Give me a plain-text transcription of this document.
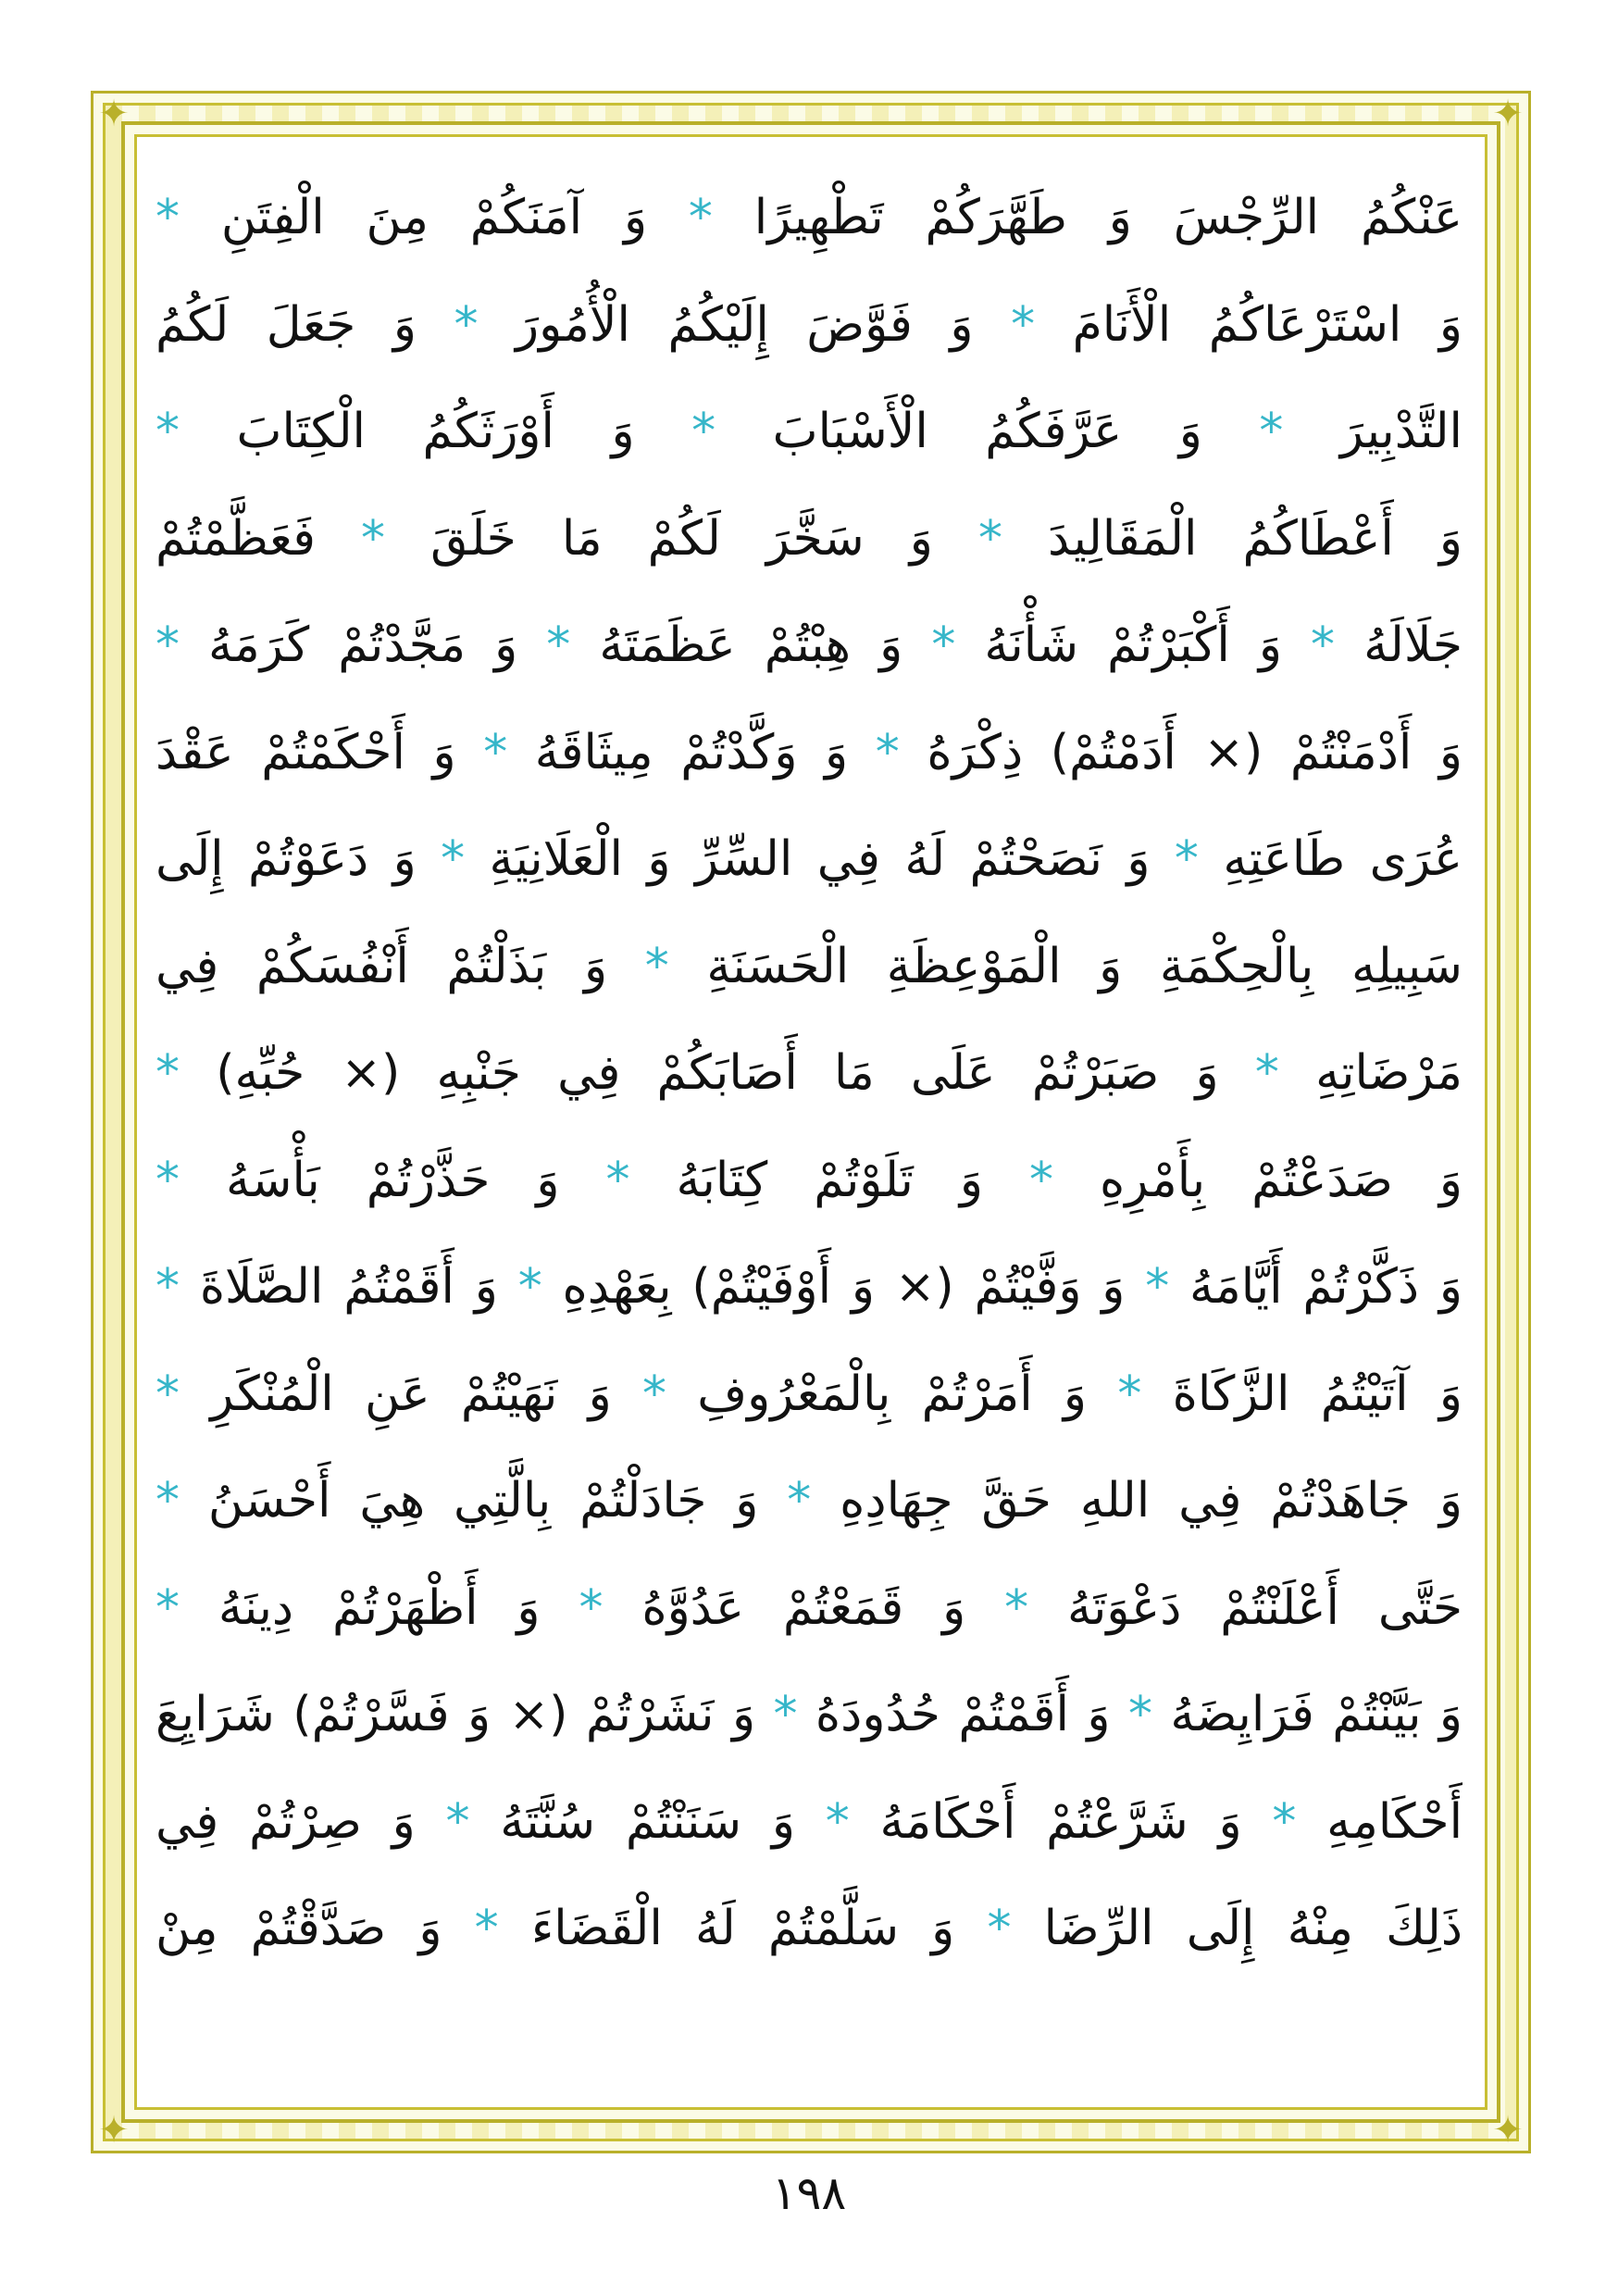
✦	✦
✦	✦
عَنْكُمُ الرِّجْسَ وَ طَهَّرَكُمْ تَطْهِيرًا * وَ آمَنَكُمْ مِنَ الْفِتَنِ *
وَ اسْتَرْعَاكُمُ الْأَنَامَ * وَ فَوَّضَ إِلَيْكُمُ الْأُمُورَ * وَ جَعَلَ لَكُمُ
التَّدْبِيرَ * وَ عَرَّفَكُمُ الْأَسْبَابَ * وَ أَوْرَثَكُمُ الْكِتَابَ *
وَ أَعْطَاكُمُ الْمَقَالِيدَ * وَ سَخَّرَ لَكُمْ مَا خَلَقَ * فَعَظَّمْتُمْ
جَلَالَهُ * وَ أَكْبَرْتُمْ شَأْنَهُ * وَ هِبْتُمْ عَظَمَتَهُ * وَ مَجَّدْتُمْ كَرَمَهُ *
وَ أَدْمَنْتُمْ (× أَدَمْتُمْ) ذِكْرَهُ * وَ وَكَّدْتُمْ مِيثَاقَهُ * وَ أَحْكَمْتُمْ عَقْدَ
عُرَى طَاعَتِهِ * وَ نَصَحْتُمْ لَهُ فِي السِّرِّ وَ الْعَلَانِيَةِ * وَ دَعَوْتُمْ إِلَى
سَبِيلِهِ بِالْحِكْمَةِ وَ الْمَوْعِظَةِ الْحَسَنَةِ * وَ بَذَلْتُمْ أَنْفُسَكُمْ فِي
مَرْضَاتِهِ * وَ صَبَرْتُمْ عَلَى مَا أَصَابَكُمْ فِي جَنْبِهِ (× حُبِّهِ) *
وَ صَدَعْتُمْ بِأَمْرِهِ * وَ تَلَوْتُمْ كِتَابَهُ * وَ حَذَّرْتُمْ بَأْسَهُ *
وَ ذَكَّرْتُمْ أَيَّامَهُ * وَ وَفَّيْتُمْ (× وَ أَوْفَيْتُمْ) بِعَهْدِهِ * وَ أَقَمْتُمُ الصَّلَاةَ *
وَ آتَيْتُمُ الزَّكَاةَ * وَ أَمَرْتُمْ بِالْمَعْرُوفِ * وَ نَهَيْتُمْ عَنِ الْمُنْكَرِ *
وَ جَاهَدْتُمْ فِي اللهِ حَقَّ جِهَادِهِ * وَ جَادَلْتُمْ بِالَّتِي هِيَ أَحْسَنُ *
حَتَّى أَعْلَنْتُمْ دَعْوَتَهُ * وَ قَمَعْتُمْ عَدُوَّهُ * وَ أَظْهَرْتُمْ دِينَهُ *
وَ بَيَّنْتُمْ فَرَايِضَهُ * وَ أَقَمْتُمْ حُدُودَهُ * وَ نَشَرْتُمْ (× وَ فَسَّرْتُمْ) شَرَايِعَ
أَحْكَامِهِ * وَ شَرَّعْتُمْ أَحْكَامَهُ * وَ سَنَنْتُمْ سُنَّتَهُ * وَ صِرْتُمْ فِي
ذَلِكَ مِنْهُ إِلَى الرِّضَا * وَ سَلَّمْتُمْ لَهُ الْقَضَاءَ * وَ صَدَّقْتُمْ مِنْ
١٩٨
